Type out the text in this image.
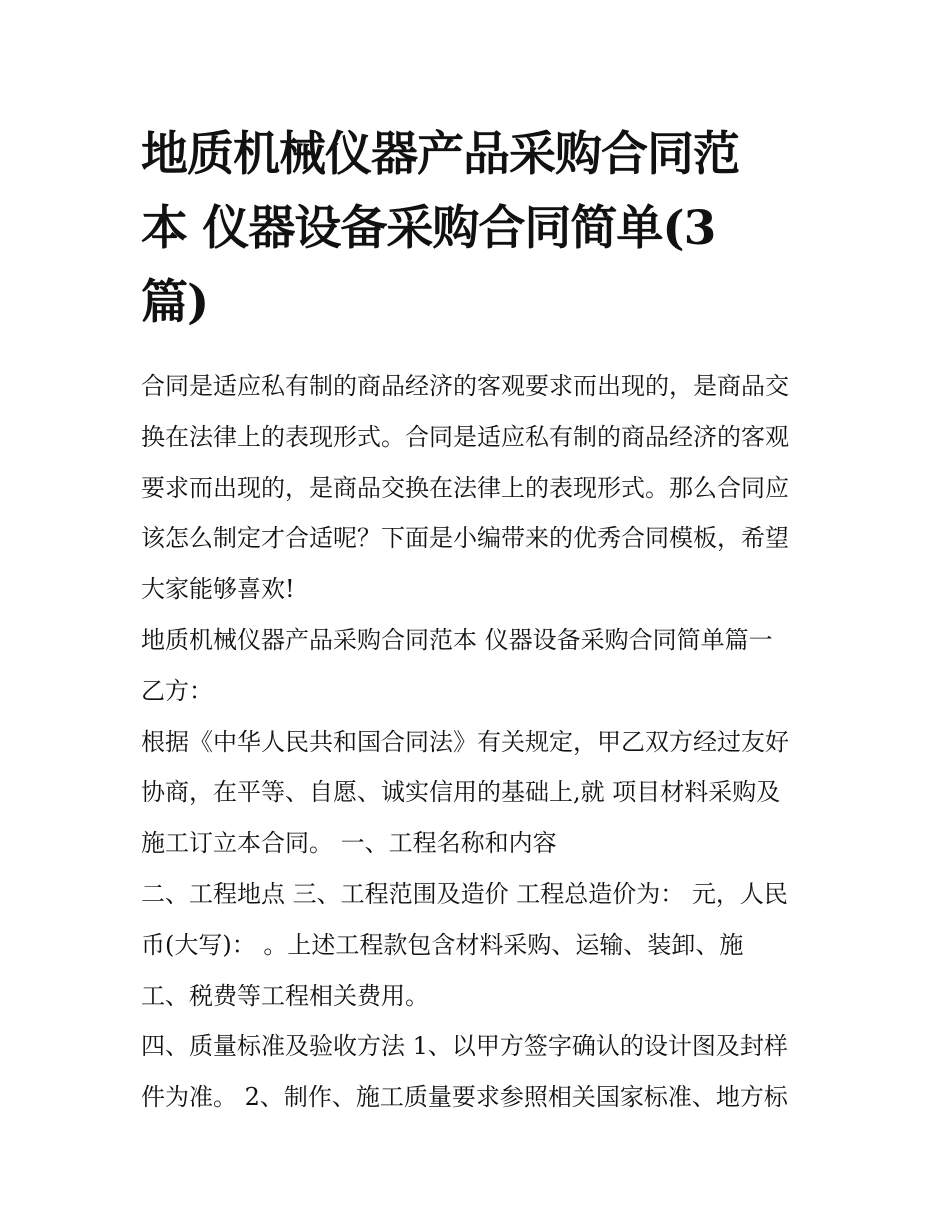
地质机械仪器产品采购合同范
本 仪器设备采购合同简单(3
篇)
合同是适应私有制的商品经济的客观要求而出现的，是商品交
换在法律上的表现形式。合同是适应私有制的商品经济的客观
要求而出现的，是商品交换在法律上的表现形式。那么合同应
该怎么制定才合适呢？下面是小编带来的优秀合同模板，希望
大家能够喜欢!
地质机械仪器产品采购合同范本 仪器设备采购合同简单篇一
乙方：
根据《中华人民共和国合同法》有关规定，甲乙双方经过友好
协商，在平等、自愿、诚实信用的基础上,就 项目材料采购及
施工订立本合同。 一、工程名称和内容
二、工程地点 三、工程范围及造价 工程总造价为： 元，人民
币(大写)： 。上述工程款包含材料采购、运输、装卸、施
工、税费等工程相关费用。
四、质量标准及验收方法 1、以甲方签字确认的设计图及封样
件为准。 2、制作、施工质量要求参照相关国家标准、地方标
